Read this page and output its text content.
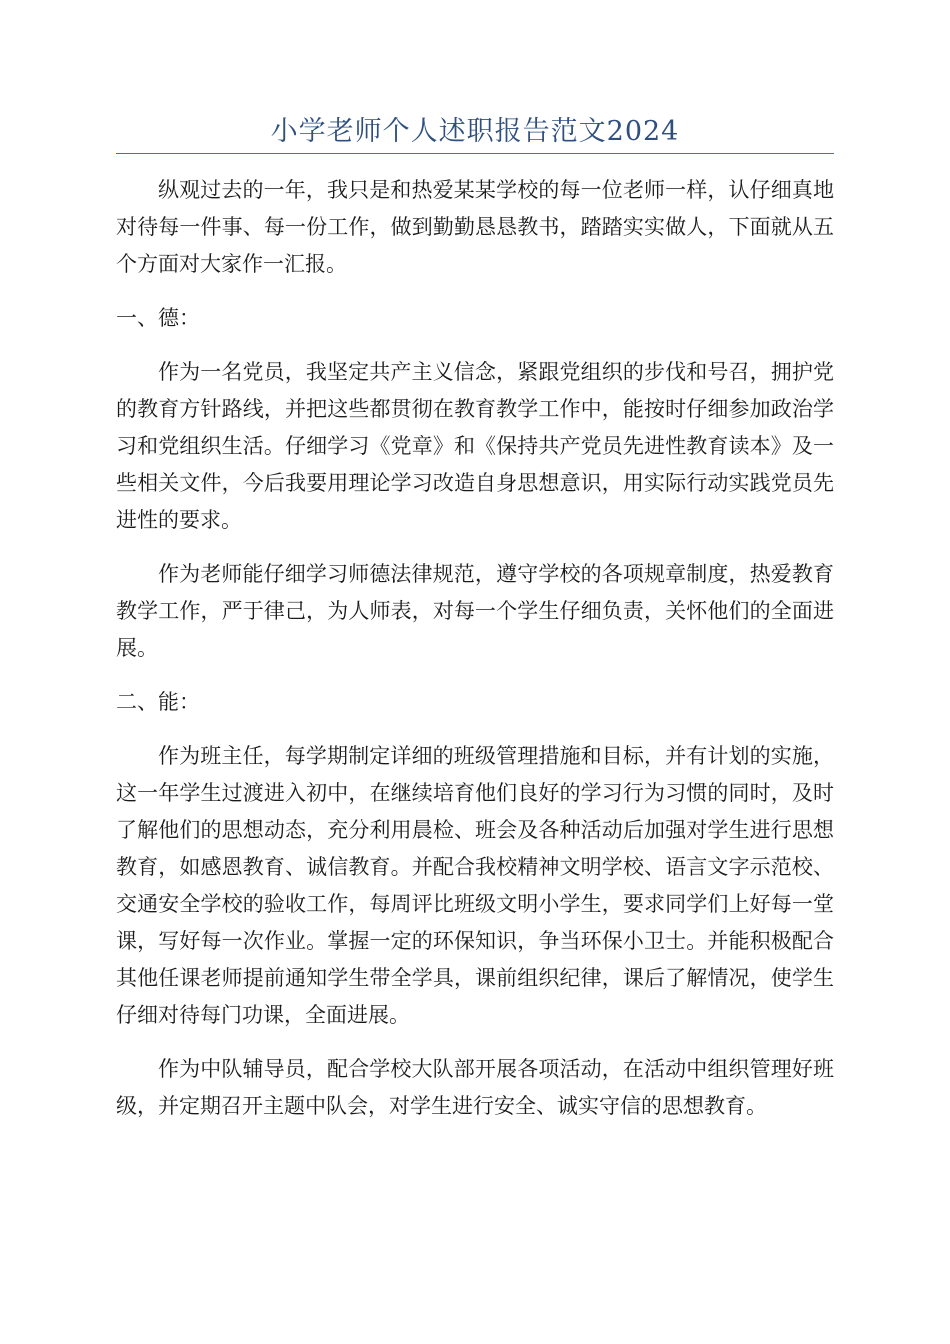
小学老师个人述职报告范文2024

纵观过去的一年，我只是和热爱某某学校的每一位老师一样，认仔细真地对待每一件事、每一份工作，做到勤勤恳恳教书，踏踏实实做人，下面就从五个方面对大家作一汇报。

一、德：

作为一名党员，我坚定共产主义信念，紧跟党组织的步伐和号召，拥护党的教育方针路线，并把这些都贯彻在教育教学工作中，能按时仔细参加政治学习和党组织生活。仔细学习《党章》和《保持共产党员先进性教育读本》及一些相关文件，今后我要用理论学习改造自身思想意识，用实际行动实践党员先进性的要求。

作为老师能仔细学习师德法律规范，遵守学校的各项规章制度，热爱教育教学工作，严于律己，为人师表，对每一个学生仔细负责，关怀他们的全面进展。

二、能：

作为班主任，每学期制定详细的班级管理措施和目标，并有计划的实施，这一年学生过渡进入初中，在继续培育他们良好的学习行为习惯的同时，及时了解他们的思想动态，充分利用晨检、班会及各种活动后加强对学生进行思想教育，如感恩教育、诚信教育。并配合我校精神文明学校、语言文字示范校、交通安全学校的验收工作，每周评比班级文明小学生，要求同学们上好每一堂课，写好每一次作业。掌握一定的环保知识，争当环保小卫士。并能积极配合其他任课老师提前通知学生带全学具，课前组织纪律，课后了解情况，使学生仔细对待每门功课，全面进展。

作为中队辅导员，配合学校大队部开展各项活动，在活动中组织管理好班级，并定期召开主题中队会，对学生进行安全、诚实守信的思想教育。
